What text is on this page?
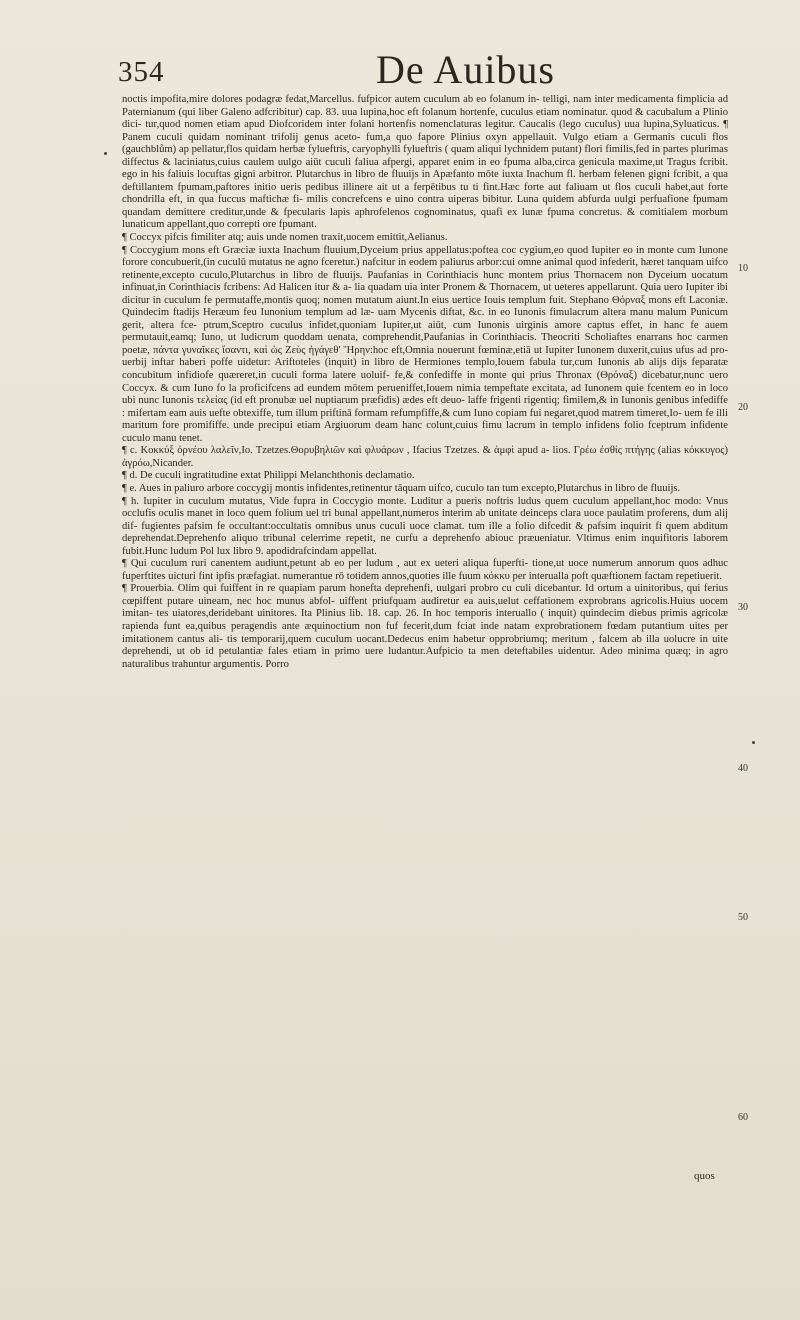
354	De Auibus

noctis impofita,mire dolores podagræ fedat,Marcellus. fufpicor autem cuculum ab eo folanum in- telligi, nam inter medicamenta fimplicia ad Paternianum (qui liber Galeno adfcribitur) cap. 83. uua lupina,hoc eft folanum hortenfe, cuculus etiam nominatur. quod & cacubalum a Plinio dici- tur,quod nomen etiam apud Diofcoridem inter folani hortenfis nomenclaturas legitur. Caucalis (lego cuculus) uua lupina,Syluaticus. ¶ Panem cuculi quidam nominant trifolij genus aceto- fum,a quo fapore Plinius oxyn appellauit. Vulgo etiam a Germanis cuculi flos (gauchblům) ap pellatur,flos quidam herbæ fylueftris, caryophylli fylueftris ( quam aliqui lychnidem putant) flori fimilis,fed in partes plurimas diffectus & laciniatus,cuius caulem uulgo aiūt cuculi faliua afpergi, apparet enim in eo fpuma alba,circa genicula maxime,ut Tragus fcribit. ego in his faliuis locuftas gigni arbitror. Plutarchus in libro de fluuijs in Apæfanto mōte iuxta Inachum fl. herbam felenen gigni fcribit, a qua deftillantem fpumam,paftores initio ueris pedibus illinere ait ut a ferpētibus tu ti fint.Hæc forte aut faliuam ut flos cuculi habet,aut forte chondrilla eft, in qua fuccus maftichæ fi- milis concrefcens e uino contra uiperas bibitur. Luna quidem abfurda uulgi perfuafione fpumam quandam demittere creditur,unde & fpecularis lapis aphrofelenos cognominatus, quafi ex lunæ fpuma concretus. & comitialem morbum lunaticum appellant,quo correpti ore fpumant.

¶ Coccyx pifcis fimiliter atq; auis unde nomen traxit,uocem emittit,Aelianus.

¶ Coccygium mons eft Græciæ iuxta Inachum fluuium,Dyceium prius appellatus:poftea coc cygium,eo quod Iupiter eo in monte cum Iunone forore concubuerit,(in cuculū mutatus ne agno fceretur.) nafcitur in eodem paliurus arbor:cui omne animal quod infederit, hæret tanquam uifco retinente,excepto cuculo,Plutarchus in libro de fluuijs. Paufanias in Corinthiacis hunc montem prius Thornacem non Dyceium uocatum infinuat,in Corinthiacis fcribens: Ad Halicen itur & a- lia quadam uia inter Pronem & Thornacem, ut ueteres appellarunt. Quia uero Iupiter ibi dicitur in cuculum fe permutaffe,montis quoq; nomen mutatum aiunt.In eius uertice Iouis templum fuit. Stephano Θόρναξ mons eft Laconiæ. Quindecim ftadijs Heræum feu Iunonium templum ad læ- uam Mycenis diftat, &c. in eo Iunonis fimulacrum altera manu malum Punicum gerit, altera fce- ptrum,Sceptro cuculus infidet,quoniam Iupiter,ut aiūt, cum Iunonis uirginis amore captus effet, in hanc fe auem permutauit,eamq; Iuno, ut ludicrum quoddam uenata, comprehendit,Paufanias in Corinthiacis. Theocriti Scholiaftes enarrans hoc carmen poetæ, πάντα γυναῖκες ἴσαντι, καὶ ὡς Ζεὺς ἠγάγεθ' Ἥρην:hoc eft,Omnia nouerunt fœminæ,etiā ut Iupiter Iunonem duxerit,cuius ufus ad pro- uerbij inftar haberi poffe uidetur: Ariftoteles (inquit) in libro de Hermiones templo,Iouem fabula tur,cum Iunonis ab alijs dijs feparatæ concubitum infidiofe quæreret,in cuculi forma latere uoluif- fe,& confediffe in monte qui prius Thronax (Θρόναξ) dicebatur,nunc uero Coccyx. & cum Iuno fo la proficifcens ad eundem mōtem perueniffet,Iouem nimia tempeftate excitata, ad Iunonem quie fcentem eo in loco ubi nunc Iunonis τελείας (id eft pronubæ uel nuptiarum præfidis) ædes eft deuo- laffe frigenti rigentiq; fimilem,& in Iunonis genibus infediffe : mifertam eam auis uefte obtexiffe, tum illum priftinā formam refumpfiffe,& cum Iuno copiam fui negaret,quod matrem timeret,Io- uem fe illi maritum fore promififfe. unde precipui etiam Argiuorum deam hanc colunt,cuius fimu lacrum in templo infidens folio fceptrum infidente cuculo manu tenet.

¶ c. Κοκκύξ ὀρνέου λαλεῖν,Io. Tzetzes.Θορυβηλιῶν καὶ φλυάρων , Ifacius Tzetzes. & ἀμφὶ apud a- lios. Γρέω ἐσθίς πτήγης (alias κόκκυγος) ἀγρόω,Nicander.

¶ d. De cuculi ingratitudine extat Philippi Melanchthonis declamatio.

¶ e. Aues in paliuro arbore coccygij montis infidentes,retinentur tāquam uifco, cuculo tan tum excepto,Plutarchus in libro de fluuijs.

¶ h. Iupiter in cuculum mutatus, Vide fupra in Coccygio monte. Luditur a pueris noftris ludus quem cuculum appellant,hoc modo: Vnus occlufis oculis manet in loco quem folium uel tri bunal appellant,numeros interim ab unitate deinceps clara uoce paulatim proferens, dum alij dif- fugientes pafsim fe occultant:occultatis omnibus unus cuculi uoce clamat. tum ille a folio difcedit & pafsim inquirit fi quem abditum deprehendat.Deprehenfo aliquo tribunal celerrime repetit, ne curfu a deprehenfo abiouc præueniatur. Vltimus enim inquifitoris laborem fubit.Hunc ludum Pol lux libro 9. apodidrafcindam appellat.

¶ Qui cuculum ruri canentem audiunt,petunt ab eo per ludum , aut ex ueteri aliqua fuperfti- tione,ut uoce numerum annorum quos adhuc fuperftites uicturi fint ipfis præfagiat. numerantue rō totidem annos,quoties ille fuum κόκκυ per interualla poft quæftionem factam repetiuerit.

¶ Prouerbia. Olim qui fuiffent in re quapiam parum honefta deprehenfi, uulgari probro cu culi dicebantur. Id ortum a uinitoribus, qui ferius cœpiffent putare uineam, nec hoc munus abfol- uiffent priufquam audiretur ea auis,uelut ceffationem exprobrans agricolis.Huius uocem imitan- tes uiatores,deridebant uinitores. Ita Plinius lib. 18. cap. 26. In hoc temporis interuallo ( inquit) quindecim diebus primis agricolæ rapienda funt ea,quibus peragendis ante æquinoctium non fuf fecerit,dum fciat inde natam exprobrationem fœdam putantium uites per imitationem cantus ali- tis temporarij,quem cuculum uocant.Dedecus enim habetur opprobriumq; meritum , falcem ab illa uolucre in uite deprehendi, ut ob id petulantiæ fales etiam in primo uere ludantur.Aufpicio ta men deteftabiles uidentur. Adeo minima quæq; in agro naturalibus trahuntur argumentis. Porro

10
20
30
40
50
60
quos
